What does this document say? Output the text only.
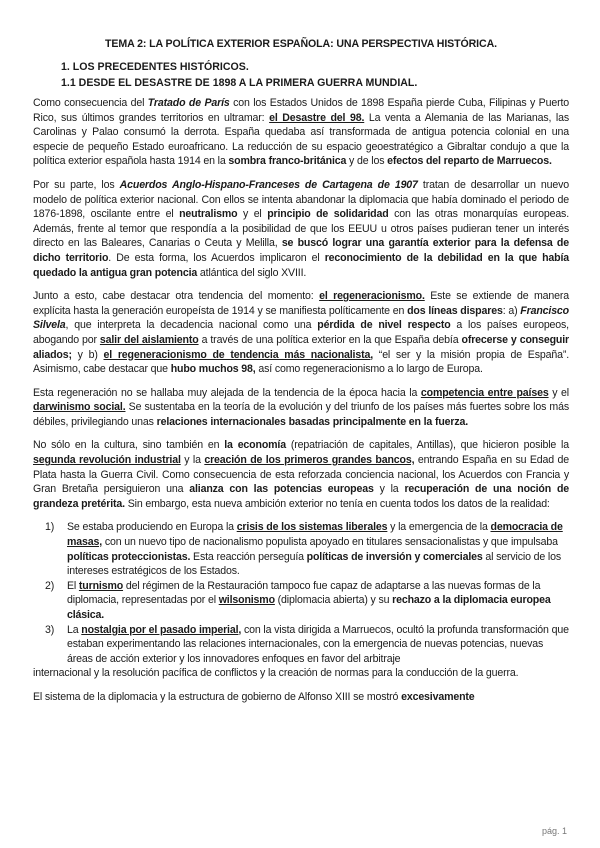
TEMA 2: LA POLÍTICA EXTERIOR ESPAÑOLA: UNA PERSPECTIVA HISTÓRICA.
1. LOS PRECEDENTES HISTÓRICOS.
1.1 DESDE EL DESASTRE DE 1898 A LA PRIMERA GUERRA MUNDIAL.

Como consecuencia del Tratado de París con los Estados Unidos de 1898 España pierde Cuba, Filipinas y Puerto Rico, sus últimos grandes territorios en ultramar: el Desastre del 98. La venta a Alemania de las Marianas, las Carolinas y Palao consumó la derrota. España quedaba así transformada de antigua potencia colonial en una especie de pequeño Estado euroafricano. La reducción de su espacio geoestratégico a Gibraltar condujo a que la política exterior española hasta 1914 en la sombra franco-británica y de los efectos del reparto de Marruecos.

Por su parte, los Acuerdos Anglo-Hispano-Franceses de Cartagena de 1907 tratan de desarrollar un nuevo modelo de política exterior nacional. Con ellos se intenta abandonar la diplomacia que había dominado el periodo de 1876-1898, oscilante entre el neutralismo y el principio de solidaridad con las otras monarquías europeas. Además, frente al temor que respondía a la posibilidad de que los EEUU u otros países pudieran tener un interés directo en las Baleares, Canarias o Ceuta y Melilla, se buscó lograr una garantía exterior para la defensa de dicho territorio. De esta forma, los Acuerdos implicaron el reconocimiento de la debilidad en la que había quedado la antigua gran potencia atlántica del siglo XVIII.

Junto a esto, cabe destacar otra tendencia del momento: el regeneracionismo. Este se extiende de manera explícita hasta la generación europeísta de 1914 y se manifiesta políticamente en dos líneas dispares: a) Francisco Silvela, que interpreta la decadencia nacional como una pérdida de nivel respecto a los países europeos, abogando por salir del aislamiento a través de una política exterior en la que España debía ofrecerse y conseguir aliados; y b) el regeneracionismo de tendencia más nacionalista, “el ser y la misión propia de España”. Asimismo, cabe destacar que hubo muchos 98, así como regeneracionismo a lo largo de Europa.

Esta regeneración no se hallaba muy alejada de la tendencia de la época hacia la competencia entre países y el darwinismo social. Se sustentaba en la teoría de la evolución y del triunfo de los países más fuertes sobre los más débiles, privilegiando unas relaciones internacionales basadas principalmente en la fuerza.

No sólo en la cultura, sino también en la economía (repatriación de capitales, Antillas), que hicieron posible la segunda revolución industrial y la creación de los primeros grandes bancos, entrando España en su Edad de Plata hasta la Guerra Civil. Como consecuencia de esta reforzada conciencia nacional, los Acuerdos con Francia y Gran Bretaña persiguieron una alianza con las potencias europeas y la recuperación de una noción de grandeza pretérita. Sin embargo, esta nueva ambición exterior no tenía en cuenta todos los datos de la realidad:

1) Se estaba produciendo en Europa la crisis de los sistemas liberales y la emergencia de la democracia de masas, con un nuevo tipo de nacionalismo populista apoyado en titulares sensacionalistas y que impulsaba políticas proteccionistas. Esta reacción perseguía políticas de inversión y comerciales al servicio de los intereses estratégicos de los Estados.
2) El turnismo del régimen de la Restauración tampoco fue capaz de adaptarse a las nuevas formas de la diplomacia, representadas por el wilsonismo (diplomacia abierta) y su rechazo a la diplomacia europea clásica.
3) La nostalgia por el pasado imperial, con la vista dirigida a Marruecos, ocultó la profunda transformación que estaban experimentando las relaciones internacionales, con la emergencia de nuevas potencias, nuevas áreas de acción exterior y los innovadores enfoques en favor del arbitraje
internacional y la resolución pacífica de conflictos y la creación de normas para la conducción de la guerra.

El sistema de la diplomacia y la estructura de gobierno de Alfonso XIII se mostró excesivamente

pág. 1
